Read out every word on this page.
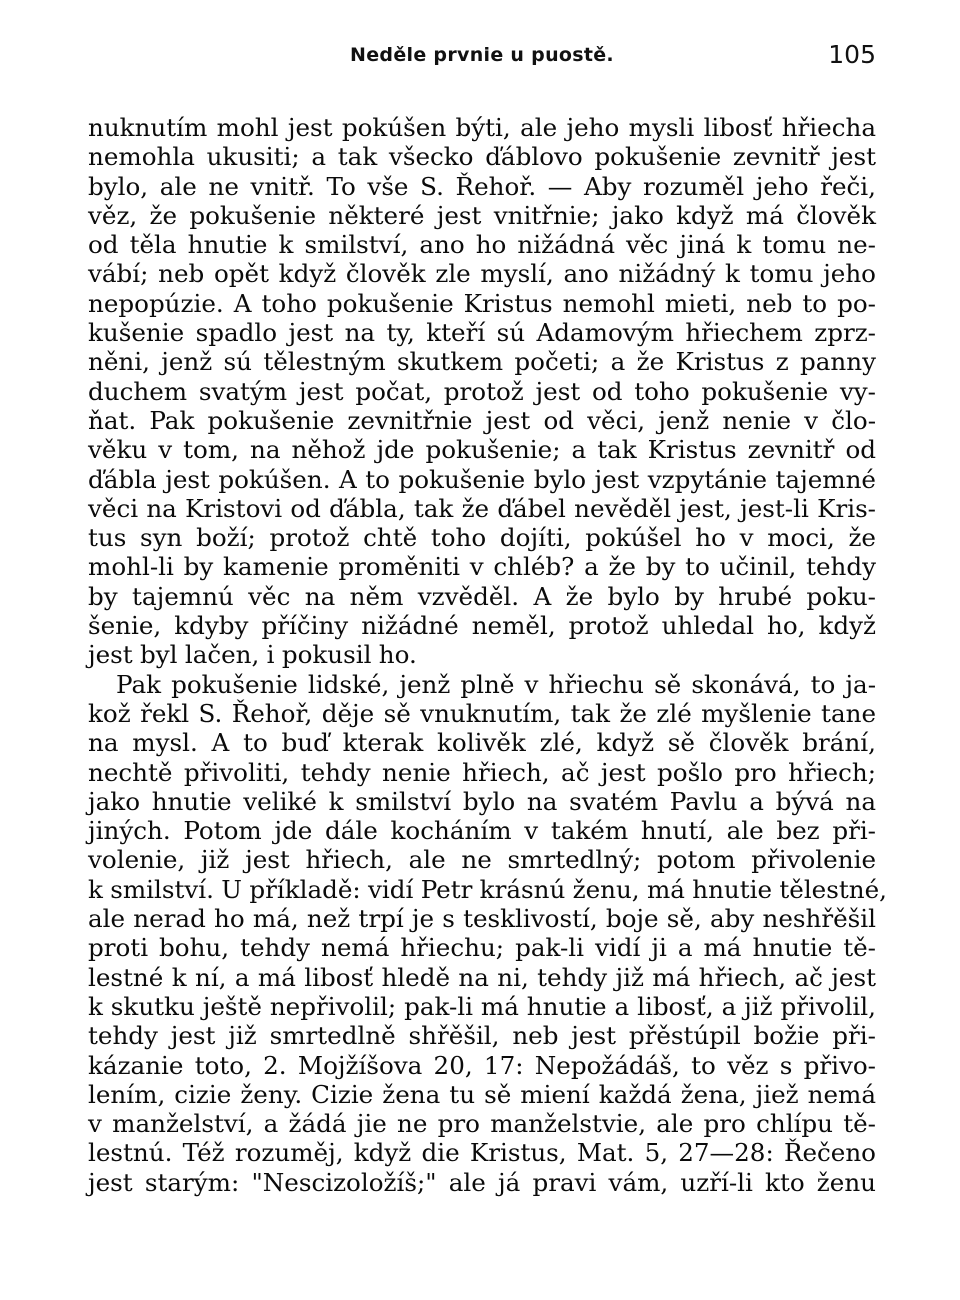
Neděle prvnie u puostě.	105
nuknutím mohl jest pokúšen býti, ale jeho mysli libosť hřiecha
nemohla ukusiti; a tak všecko ďáblovo pokušenie zevnitř jest
bylo, ale ne vnitř. To vše S. Řehoř. — Aby rozuměl jeho řeči,
věz, že pokušenie některé jest vnitřnie; jako když má člověk
od těla hnutie k smilství, ano ho nižádná věc jiná k tomu ne-
vábí; neb opět když člověk zle myslí, ano nižádný k tomu jeho
nepopúzie. A toho pokušenie Kristus nemohl mieti, neb to po-
kušenie spadlo jest na ty, kteří sú Adamovým hřiechem zprz-
něni, jenž sú tělestným skutkem početi; a že Kristus z panny
duchem svatým jest počat, protož jest od toho pokušenie vy-
ňat. Pak pokušenie zevnitřnie jest od věci, jenž nenie v člo-
věku v tom, na něhož jde pokušenie; a tak Kristus zevnitř od
ďábla jest pokúšen. A to pokušenie bylo jest vzpytánie tajemné
věci na Kristovi od ďábla, tak že ďábel nevěděl jest, jest-li Kris-
tus syn boží; protož chtě toho dojíti, pokúšel ho v moci, že
mohl-li by kamenie proměniti v chléb? a že by to učinil, tehdy
by tajemnú věc na něm vzvěděl. A že bylo by hrubé poku-
šenie, kdyby příčiny nižádné neměl, protož uhledal ho, když
jest byl lačen, i pokusil ho.
Pak pokušenie lidské, jenž plně v hřiechu sě skonává, to ja-
kož řekl S. Řehoř, děje sě vnuknutím, tak že zlé myšlenie tane
na mysl. A to buď kterak kolivěk zlé, když sě člověk brání,
nechtě přivoliti, tehdy nenie hřiech, ač jest pošlo pro hřiech;
jako hnutie veliké k smilství bylo na svatém Pavlu a bývá na
jiných. Potom jde dále kocháním v takém hnutí, ale bez při-
volenie, již jest hřiech, ale ne smrtedlný; potom přivolenie
k smilství. U příkladě: vidí Petr krásnú ženu, má hnutie tělestné,
ale nerad ho má, než trpí je s tesklivostí, boje sě, aby neshřěšil
proti bohu, tehdy nemá hřiechu; pak-li vidí ji a má hnutie tě-
lestné k ní, a má libosť hledě na ni, tehdy již má hřiech, ač jest
k skutku ještě nepřivolil; pak-li má hnutie a libosť, a již přivolil,
tehdy jest již smrtedlně shřěšil, neb jest přěstúpil božie při-
kázanie toto, 2. Mojžíšova 20, 17: Nepožádáš, to věz s přivo-
lením, cizie ženy. Cizie žena tu sě miení každá žena, jiež nemá
v manželství, a žádá jie ne pro manželstvie, ale pro chlípu tě-
lestnú. Též rozuměj, když die Kristus, Mat. 5, 27—28: Řečeno
jest starým: "Nescizoložíš;" ale já pravi vám, uzří-li kto ženu
